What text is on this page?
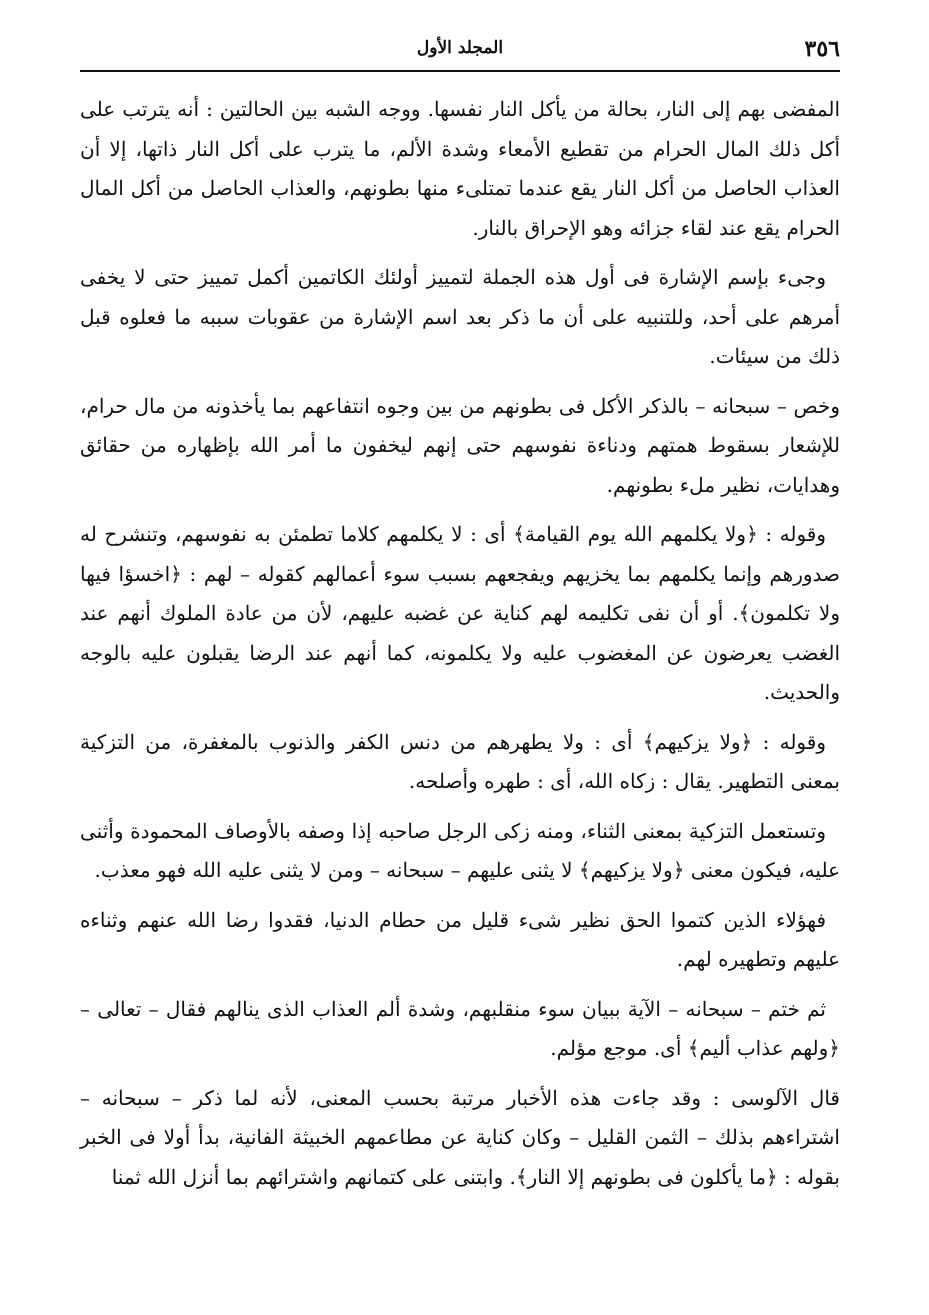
٣٥٦
المجلد الأول

المفضى بهم إلى النار، بحالة من يأكل النار نفسها. ووجه الشبه بين الحالتين : أنه يترتب على أكل ذلك المال الحرام من تقطيع الأمعاء وشدة الألم، ما يترب على أكل النار ذاتها، إلا أن العذاب الحاصل من أكل النار يقع عندما تمتلىء منها بطونهم، والعذاب الحاصل من أكل المال الحرام يقع عند لقاء جزائه وهو الإحراق بالنار.

وجىء بإسم الإشارة فى أول هذه الجملة لتمييز أولئك الكاتمين أكمل تمييز حتى لا يخفى أمرهم على أحد، وللتنبيه على أن ما ذكر بعد اسم الإشارة من عقوبات سببه ما فعلوه قبل ذلك من سيئات.

وخص – سبحانه – بالذكر الأكل فى بطونهم من بين وجوه انتفاعهم بما يأخذونه من مال حرام، للإشعار بسقوط همتهم ودناءة نفوسهم حتى إنهم ليخفون ما أمر الله بإظهاره من حقائق وهدايات، نظير ملء بطونهم.

وقوله : ﴿ولا يكلمهم الله يوم القيامة﴾ أى : لا يكلمهم كلاما تطمئن به نفوسهم، وتنشرح له صدورهم وإنما يكلمهم بما يخزيهم ويفجعهم بسبب سوء أعمالهم كقوله – لهم : ﴿اخسؤا فيها ولا تكلمون﴾. أو أن نفى تكليمه لهم كناية عن غضبه عليهم، لأن من عادة الملوك أنهم عند الغضب يعرضون عن المغضوب عليه ولا يكلمونه، كما أنهم عند الرضا يقبلون عليه بالوجه والحديث.

وقوله : ﴿ولا يزكيهم﴾ أى : ولا يطهرهم من دنس الكفر والذنوب بالمغفرة، من التزكية بمعنى التطهير. يقال : زكاه الله، أى : طهره وأصلحه.

وتستعمل التزكية بمعنى الثناء، ومنه زكى الرجل صاحبه إذا وصفه بالأوصاف المحمودة وأثنى عليه، فيكون معنى ﴿ولا يزكيهم﴾ لا يثنى عليهم – سبحانه – ومن لا يثنى عليه الله فهو معذب.

فهؤلاء الذين كتموا الحق نظير شىء قليل من حطام الدنيا، فقدوا رضا الله عنهم وثناءه عليهم وتطهيره لهم.

ثم ختم – سبحانه – الآية ببيان سوء منقلبهم، وشدة ألم العذاب الذى ينالهم فقال – تعالى – ﴿ولهم عذاب أليم﴾ أى. موجع مؤلم.

قال الآلوسى : وقد جاءت هذه الأخبار مرتبة بحسب المعنى، لأنه لما ذكر – سبحانه – اشتراءهم بذلك – الثمن القليل – وكان كناية عن مطاعمهم الخبيثة الفانية، بدأ أولا فى الخبر بقوله : ﴿ما يأكلون فى بطونهم إلا النار﴾. وابتنى على كتمانهم واشترائهم بما أنزل الله ثمنا
